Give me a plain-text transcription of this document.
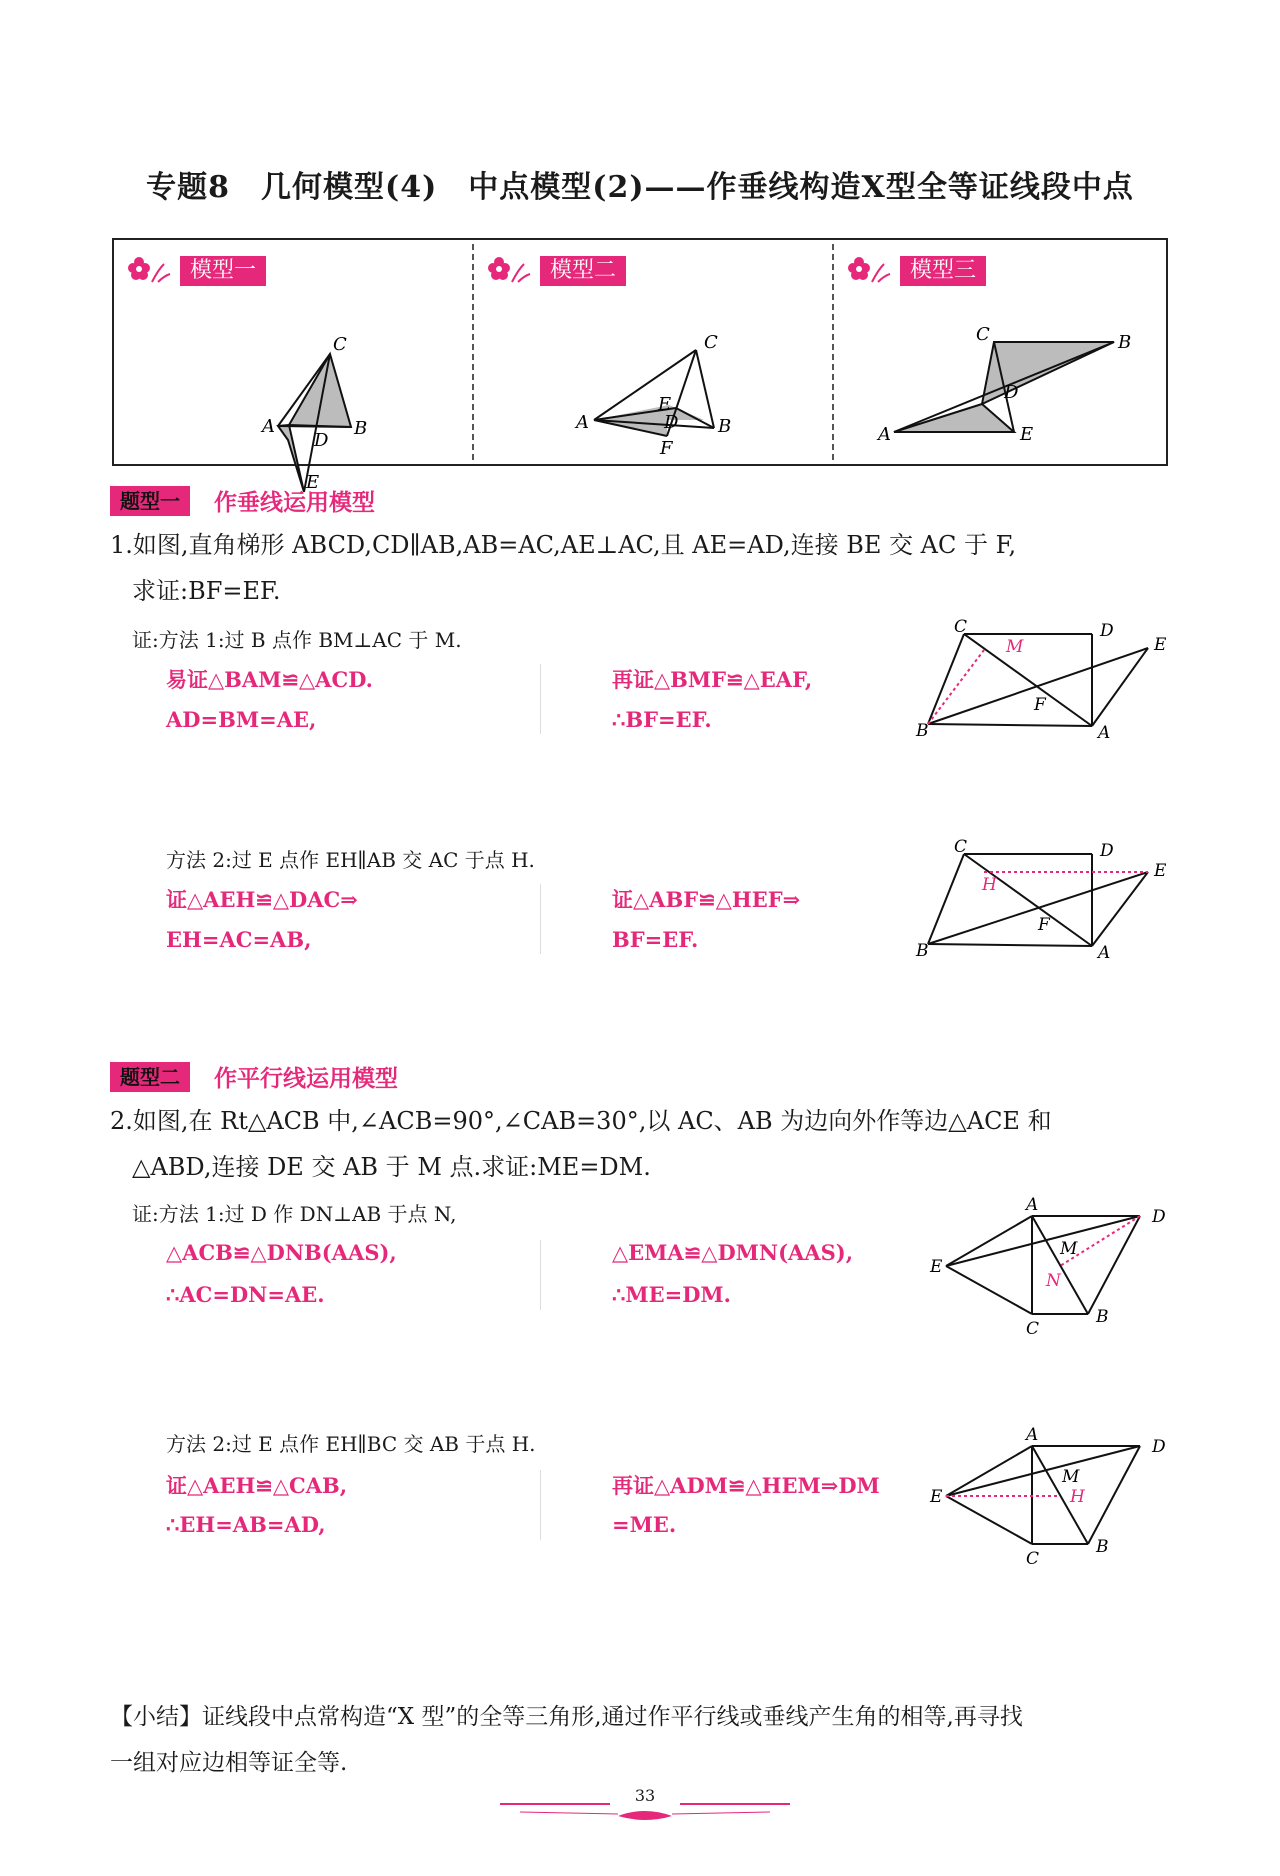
专题8　几何模型(4)　中点模型(2)——作垂线构造X型全等证线段中点
模型一
C
A	B
D
E
模型二
C
E
A	D B
F
模型三
C	B
D
A	E
题型一	作垂线运用模型
1.如图,直角梯形 ABCD,CD∥AB,AB=AC,AE⊥AC,且 AE=AD,连接 BE 交 AC 于 F,
求证:BF=EF.
证:方法 1:过 B 点作 BM⊥AC 于 M.
易证△BAM≌△ACD.
AD=BM=AE,
再证△BMF≌△EAF,
∴BF=EF.
C
M
D
E
F
B	A
方法 2:过 E 点作 EH∥AB 交 AC 于点 H.
证△AEH≌△DAC⇒
EH=AC=AB,
证△ABF≌△HEF⇒
BF=EF.
C	D
H
E
F
B	A
题型二	作平行线运用模型
2.如图,在 Rt△ACB 中,∠ACB=90°,∠CAB=30°,以 AC、AB 为边向外作等边△ACE 和
△ABD,连接 DE 交 AB 于 M 点.求证:ME=DM.
证:方法 1:过 D 作 DN⊥AB 于点 N,
△ACB≌△DNB(AAS),
∴AC=DN=AE.
△EMA≌△DMN(AAS),
∴ME=DM.
A
D
E
M
N
C
B
方法 2:过 E 点作 EH∥BC 交 AB 于点 H.
证△AEH≌△CAB,
∴EH=AB=AD,
再证△ADM≌△HEM⇒DM
=ME.
A
D
E
M
H
C
B
【小结】证线段中点常构造“X 型”的全等三角形,通过作平行线或垂线产生角的相等,再寻找
一组对应边相等证全等.
33
